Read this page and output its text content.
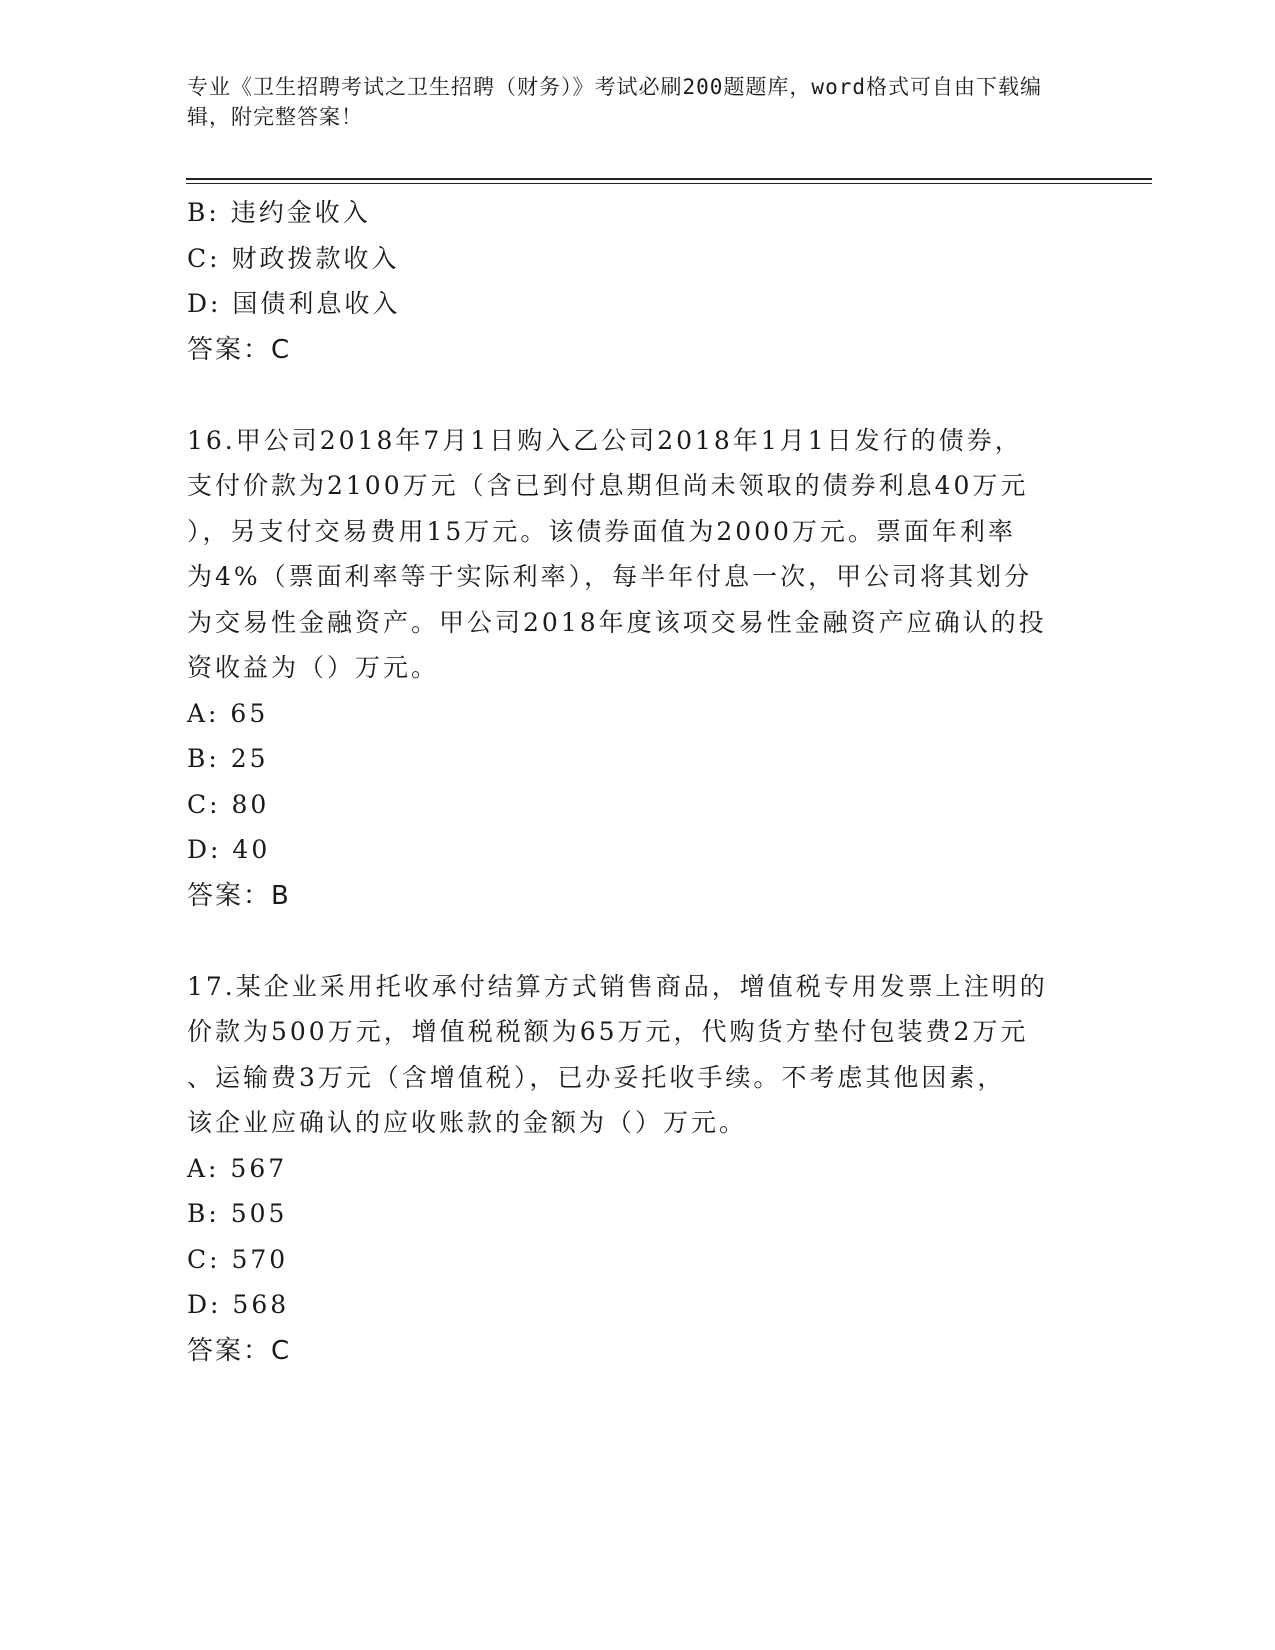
专业《卫生招聘考试之卫生招聘（财务）》考试必刷200题题库，word格式可自由下载编辑，附完整答案！
B: 违约金收入
C: 财政拨款收入
D: 国债利息收入
答案：C
16.甲公司2018年7月1日购入乙公司2018年1月1日发行的债券，
支付价款为2100万元（含已到付息期但尚未领取的债券利息40万元
），另支付交易费用15万元。该债券面值为2000万元。票面年利率
为4%（票面利率等于实际利率），每半年付息一次，甲公司将其划分
为交易性金融资产。甲公司2018年度该项交易性金融资产应确认的投
资收益为（）万元。
A: 65
B: 25
C: 80
D: 40
答案：B
17.某企业采用托收承付结算方式销售商品，增值税专用发票上注明的
价款为500万元，增值税税额为65万元，代购货方垫付包装费2万元
、运输费3万元（含增值税），已办妥托收手续。不考虑其他因素，
该企业应确认的应收账款的金额为（）万元。
A: 567
B: 505
C: 570
D: 568
答案：C
